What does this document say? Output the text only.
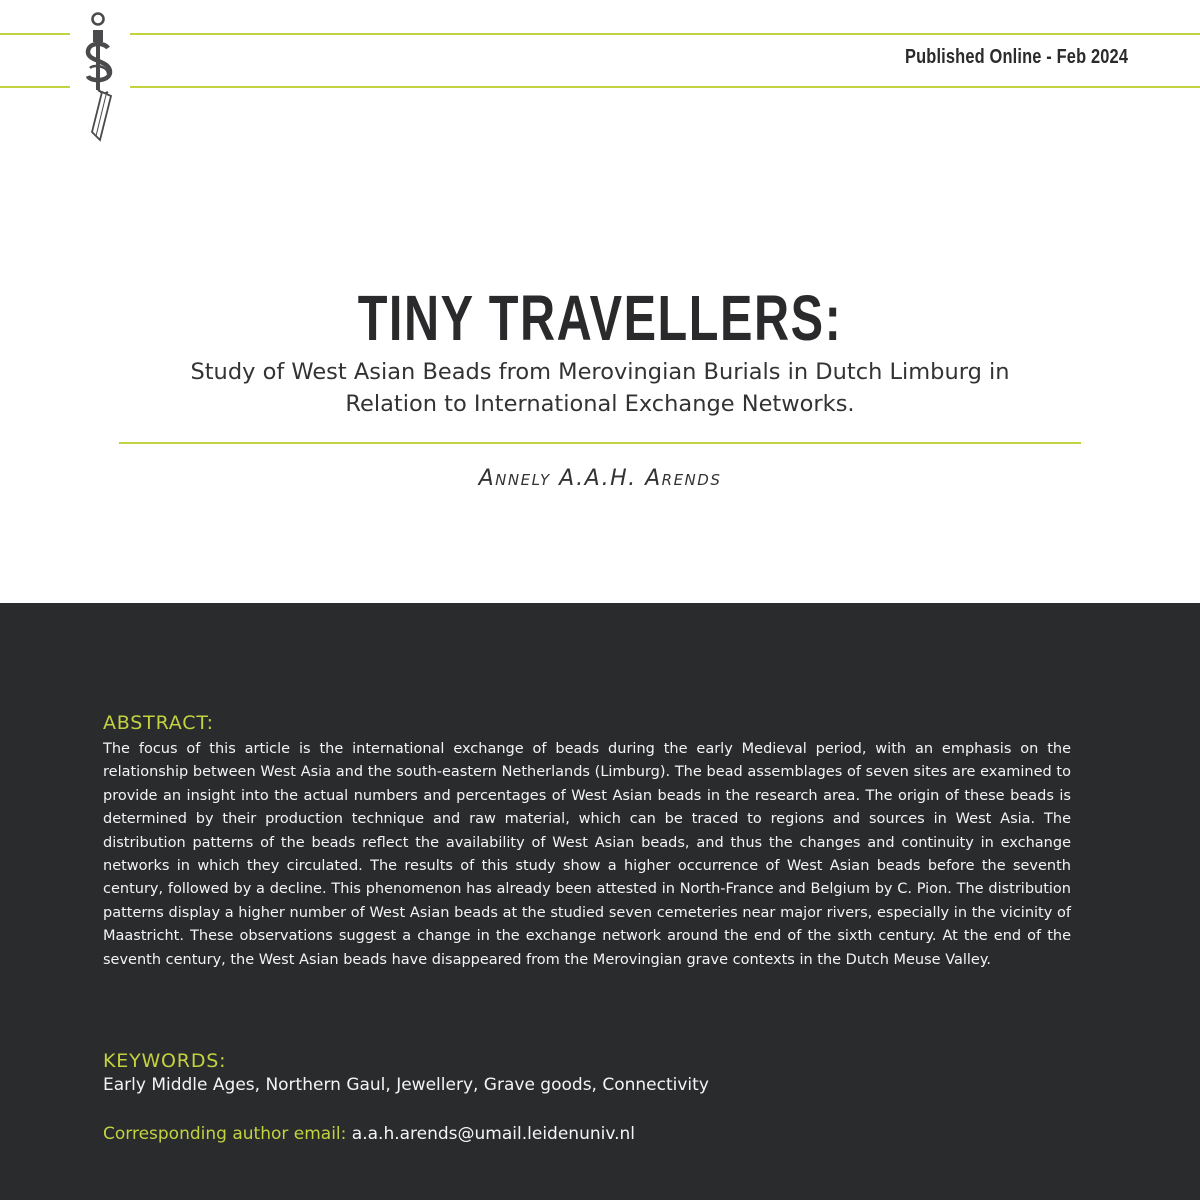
Published Online - Feb 2024
TINY TRAVELLERS:
Study of West Asian Beads from Merovingian Burials in Dutch Limburg in Relation to International Exchange Networks.
Annely A.A.H. Arends
ABSTRACT:
The focus of this article is the international exchange of beads during the early Medieval period, with an emphasis on the relationship between West Asia and the south-eastern Netherlands (Limburg). The bead assemblages of seven sites are examined to provide an insight into the actual numbers and percentages of West Asian beads in the research area. The origin of these beads is determined by their production technique and raw material, which can be traced to regions and sources in West Asia. The distribution patterns of the beads reflect the availability of West Asian beads, and thus the changes and continuity in exchange networks in which they circulated. The results of this study show a higher occurrence of West Asian beads before the seventh century, followed by a decline. This phenomenon has already been attested in North-France and Belgium by C. Pion. The distribution patterns display a higher number of West Asian beads at the studied seven cemeteries near major rivers, especially in the vicinity of Maastricht. These observations suggest a change in the exchange network around the end of the sixth century. At the end of the seventh century, the West Asian beads have disappeared from the Merovingian grave contexts in the Dutch Meuse Valley.
KEYWORDS:
Early Middle Ages, Northern Gaul, Jewellery, Grave goods, Connectivity
Corresponding author email: a.a.h.arends@umail.leidenuniv.nl
